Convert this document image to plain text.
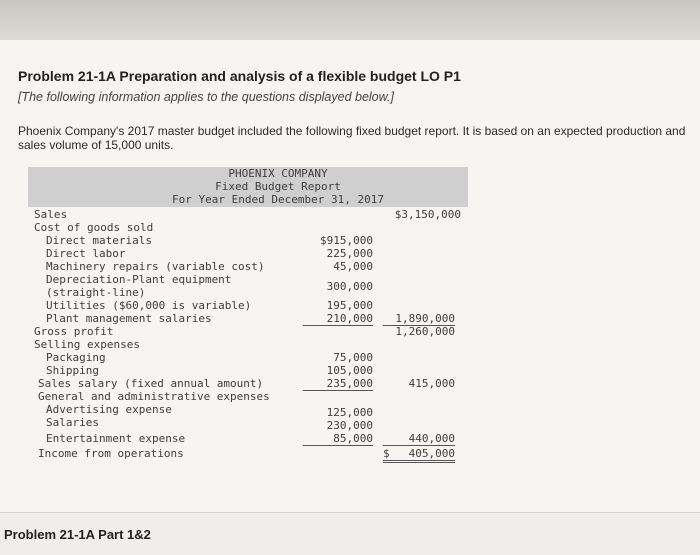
Problem 21-1A Preparation and analysis of a flexible budget LO P1
[The following information applies to the questions displayed below.]
Phoenix Company's 2017 master budget included the following fixed budget report. It is based on an expected production and sales volume of 15,000 units.
PHOENIX COMPANY
Fixed Budget Report
For Year Ended December 31, 2017
Sales	$3,150,000
Cost of goods sold
Direct materials	$915,000
Direct labor	225,000
Machinery repairs (variable cost)	45,000
Depreciation-Plant equipment
(straight-line)	300,000
Utilities ($60,000 is variable)	195,000
Plant management salaries	210,000	1,890,000
Gross profit	1,260,000
Selling expenses
Packaging	75,000
Shipping	105,000
Sales salary (fixed annual amount)	235,000	415,000
General and administrative expenses
Advertising expense	125,000
Salaries	230,000
Entertainment expense	85,000	440,000
Income from operations	$	405,000
Problem 21-1A Part 1&2
